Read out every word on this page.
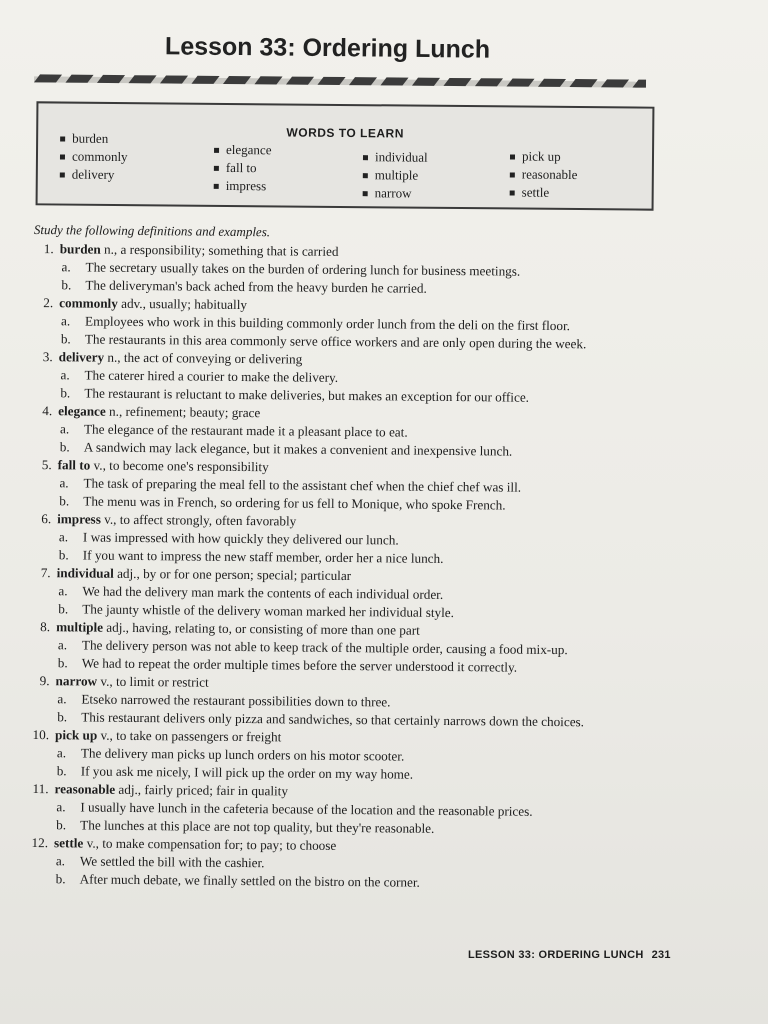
Lesson 33: Ordering Lunch
WORDS TO LEARN
burden
commonly
delivery
elegance
fall to
impress
individual
multiple
narrow
pick up
reasonable
settle
Study the following definitions and examples.
1. burden n., a responsibility; something that is carried
a. The secretary usually takes on the burden of ordering lunch for business meetings.
b. The deliveryman's back ached from the heavy burden he carried.
2. commonly adv., usually; habitually
a. Employees who work in this building commonly order lunch from the deli on the first floor.
b. The restaurants in this area commonly serve office workers and are only open during the week.
3. delivery n., the act of conveying or delivering
a. The caterer hired a courier to make the delivery.
b. The restaurant is reluctant to make deliveries, but makes an exception for our office.
4. elegance n., refinement; beauty; grace
a. The elegance of the restaurant made it a pleasant place to eat.
b. A sandwich may lack elegance, but it makes a convenient and inexpensive lunch.
5. fall to v., to become one's responsibility
a. The task of preparing the meal fell to the assistant chef when the chief chef was ill.
b. The menu was in French, so ordering for us fell to Monique, who spoke French.
6. impress v., to affect strongly, often favorably
a. I was impressed with how quickly they delivered our lunch.
b. If you want to impress the new staff member, order her a nice lunch.
7. individual adj., by or for one person; special; particular
a. We had the delivery man mark the contents of each individual order.
b. The jaunty whistle of the delivery woman marked her individual style.
8. multiple adj., having, relating to, or consisting of more than one part
a. The delivery person was not able to keep track of the multiple order, causing a food mix-up.
b. We had to repeat the order multiple times before the server understood it correctly.
9. narrow v., to limit or restrict
a. Etseko narrowed the restaurant possibilities down to three.
b. This restaurant delivers only pizza and sandwiches, so that certainly narrows down the choices.
10. pick up v., to take on passengers or freight
a. The delivery man picks up lunch orders on his motor scooter.
b. If you ask me nicely, I will pick up the order on my way home.
11. reasonable adj., fairly priced; fair in quality
a. I usually have lunch in the cafeteria because of the location and the reasonable prices.
b. The lunches at this place are not top quality, but they're reasonable.
12. settle v., to make compensation for; to pay; to choose
a. We settled the bill with the cashier.
b. After much debate, we finally settled on the bistro on the corner.
LESSON 33: ORDERING LUNCH 231
